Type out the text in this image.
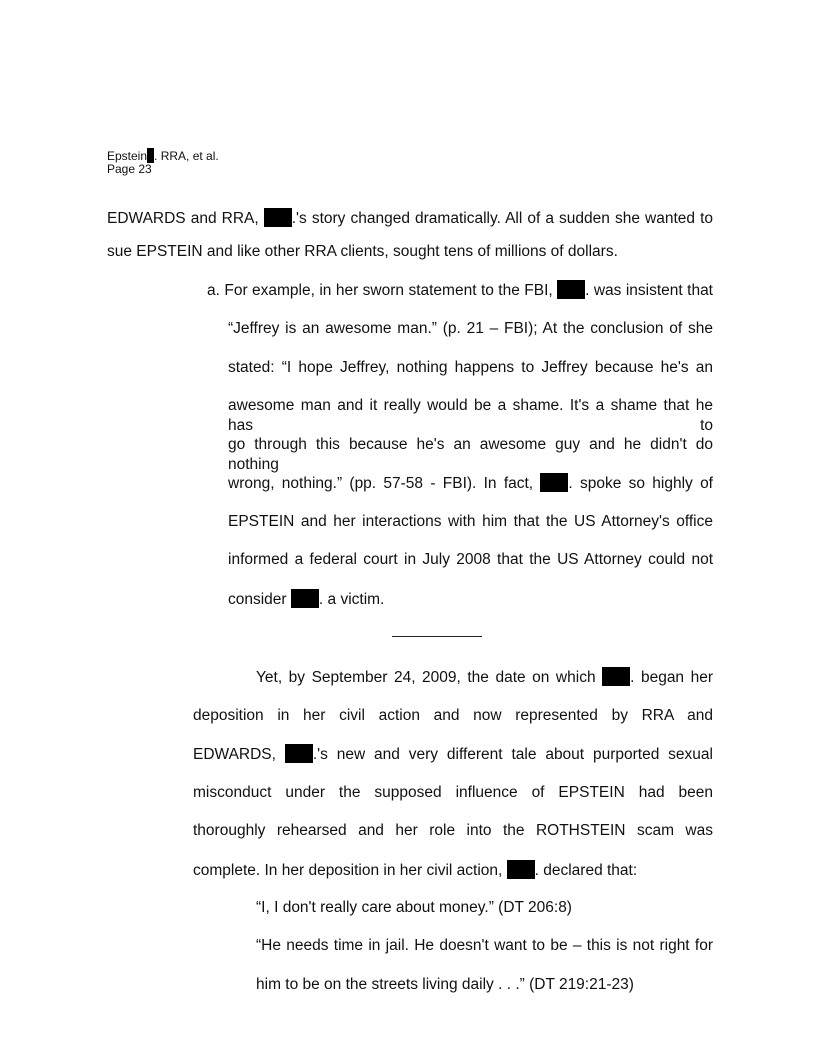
Epstein . RRA, et al.
Page 23
EDWARDS and RRA, .'s story changed dramatically. All of a sudden she wanted to
sue EPSTEIN and like other RRA clients, sought tens of millions of dollars.
a. For example, in her sworn statement to the FBI, . was insistent that
“Jeffrey is an awesome man.” (p. 21 – FBI); At the conclusion of she
stated: “I hope Jeffrey, nothing happens to Jeffrey because he's an
awesome man and it really would be a shame. It's a shame that he has to
go through this because he's an awesome guy and he didn't do nothing
wrong, nothing.” (pp. 57-58 - FBI). In fact, . spoke so highly of
EPSTEIN and her interactions with him that the US Attorney's office
informed a federal court in July 2008 that the US Attorney could not
consider . a victim.
Yet, by September 24, 2009, the date on which . began her
deposition in her civil action and now represented by RRA and
EDWARDS, .'s new and very different tale about purported sexual
misconduct under the supposed influence of EPSTEIN had been
thoroughly rehearsed and her role into the ROTHSTEIN scam was
complete. In her deposition in her civil action, . declared that:
“I, I don't really care about money.” (DT 206:8)
“He needs time in jail. He doesn't want to be – this is not right for
him to be on the streets living daily . . .” (DT 219:21-23)
